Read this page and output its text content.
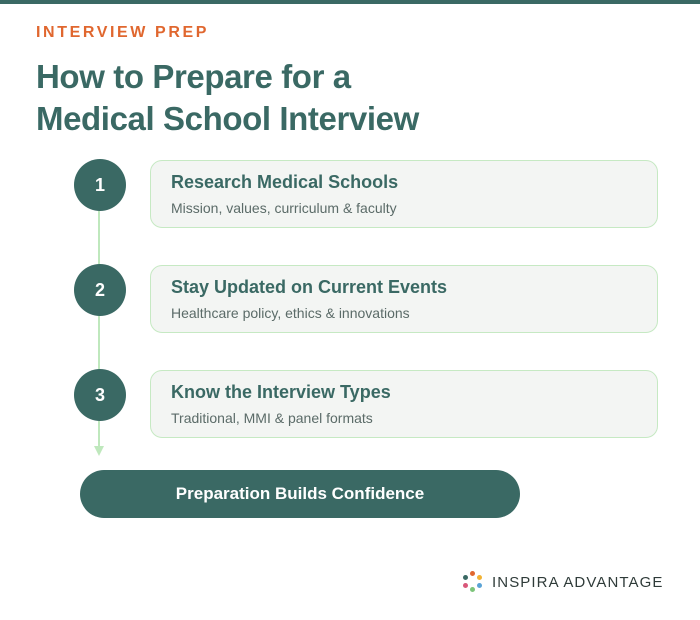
INTERVIEW PREP
How to Prepare for a
Medical School Interview
1	Research Medical Schools
Mission, values, curriculum & faculty
2	Stay Updated on Current Events
Healthcare policy, ethics & innovations
3	Know the Interview Types
Traditional, MMI & panel formats
Preparation Builds Confidence
INSPIRA ADVANTAGE
